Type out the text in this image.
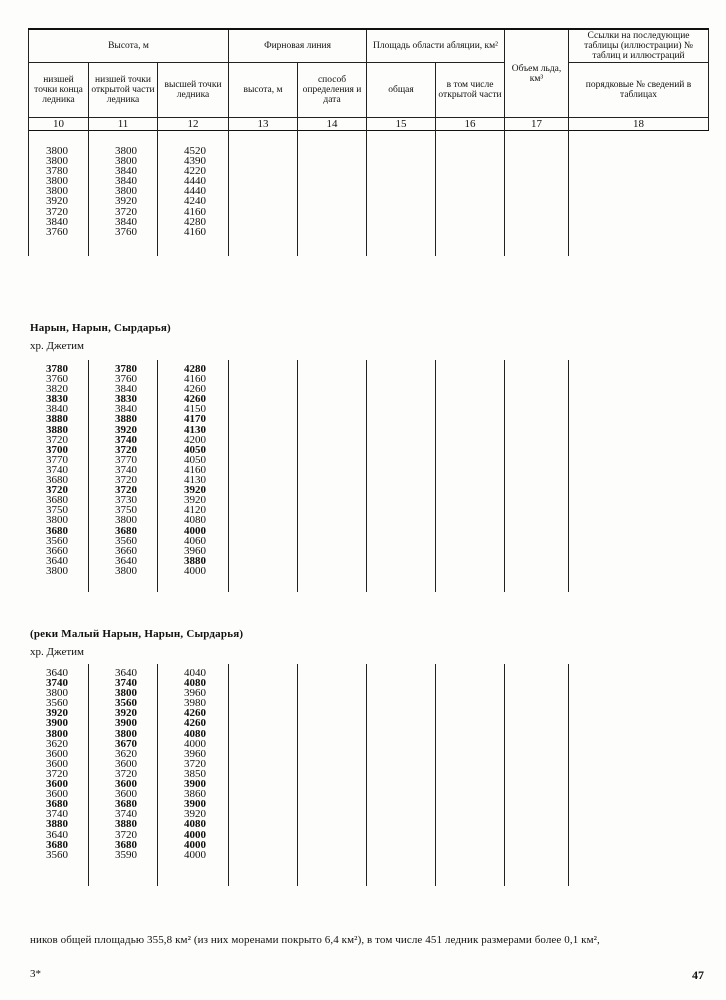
Высота, м			Фирновая линия		Площадь области абляции, км²		Объем льда, км³	Ссылки на последующие таблицы (иллюстрации) № таблиц и иллюстраций
низшей точки конца ледника	низшей точки открытой части ледника	высшей точки ледника	высота, м	способ определения и дата	общая	в том числе открытой части		порядковые № сведений в таблицах
10	11	12	13	14	15	16	17	18
3800	3800	4520
3800	3800	4390
3780	3840	4220
3800	3840	4440
3800	3800	4440
3920	3920	4240
3720	3720	4160
3840	3840	4280
3760	3760	4160
Нарын, Нарын, Сырдарья)
хр. Джетим
3780	3780	4280
3760	3760	4160
3820	3840	4260
3830	3830	4260
3840	3840	4150
3880	3880	4170
3880	3920	4130
3720	3740	4200
3700	3720	4050
3770	3770	4050
3740	3740	4160
3680	3720	4130
3720	3720	3920
3680	3730	3920
3750	3750	4120
3800	3800	4080
3680	3680	4000
3560	3560	4060
3660	3660	3960
3640	3640	3880
3800	3800	4000
(реки Малый Нарын, Нарын, Сырдарья)
хр. Джетим
3640	3640	4040
3740	3740	4080
3800	3800	3960
3560	3560	3980
3920	3920	4260
3900	3900	4260
3800	3800	4080
3620	3670	4000
3600	3620	3960
3600	3600	3720
3720	3720	3850
3600	3600	3900
3600	3600	3860
3680	3680	3900
3740	3740	3920
3880	3880	4080
3640	3720	4000
3680	3680	4000
3560	3590	4000
ников общей площадью 355,8 км² (из них моренами покрыто 6,4 км²), в том числе 451 ледник размерами более 0,1 км²,
3*	47
